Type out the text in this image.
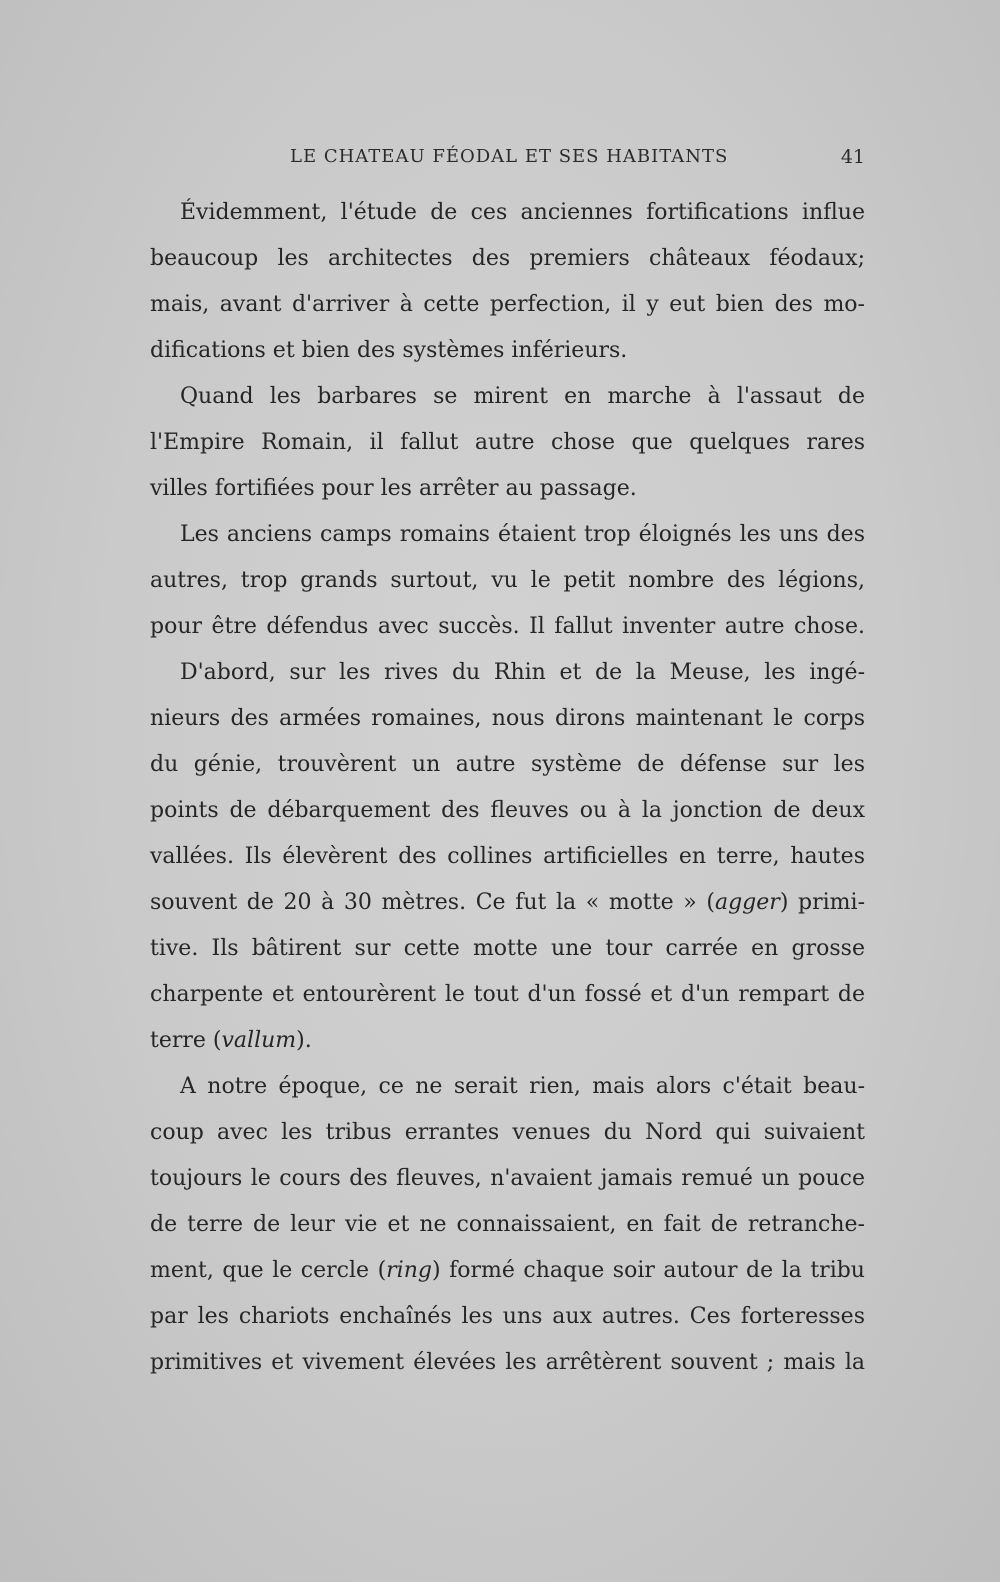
LE CHATEAU FÉODAL ET SES HABITANTS	41
Évidemment, l'étude de ces anciennes fortifications influe
beaucoup les architectes des premiers châteaux féodaux;
mais, avant d'arriver à cette perfection, il y eut bien des mo-
difications et bien des systèmes inférieurs.
Quand les barbares se mirent en marche à l'assaut de
l'Empire Romain, il fallut autre chose que quelques rares
villes fortifiées pour les arrêter au passage.
Les anciens camps romains étaient trop éloignés les uns des
autres, trop grands surtout, vu le petit nombre des légions,
pour être défendus avec succès. Il fallut inventer autre chose.
D'abord, sur les rives du Rhin et de la Meuse, les ingé-
nieurs des armées romaines, nous dirons maintenant le corps
du génie, trouvèrent un autre système de défense sur les
points de débarquement des fleuves ou à la jonction de deux
vallées. Ils élevèrent des collines artificielles en terre, hautes
souvent de 20 à 30 mètres. Ce fut la « motte » (agger) primi-
tive. Ils bâtirent sur cette motte une tour carrée en grosse
charpente et entourèrent le tout d'un fossé et d'un rempart de
terre (vallum).
A notre époque, ce ne serait rien, mais alors c'était beau-
coup avec les tribus errantes venues du Nord qui suivaient
toujours le cours des fleuves, n'avaient jamais remué un pouce
de terre de leur vie et ne connaissaient, en fait de retranche-
ment, que le cercle (ring) formé chaque soir autour de la tribu
par les chariots enchaînés les uns aux autres. Ces forteresses
primitives et vivement élevées les arrêtèrent souvent ; mais la
